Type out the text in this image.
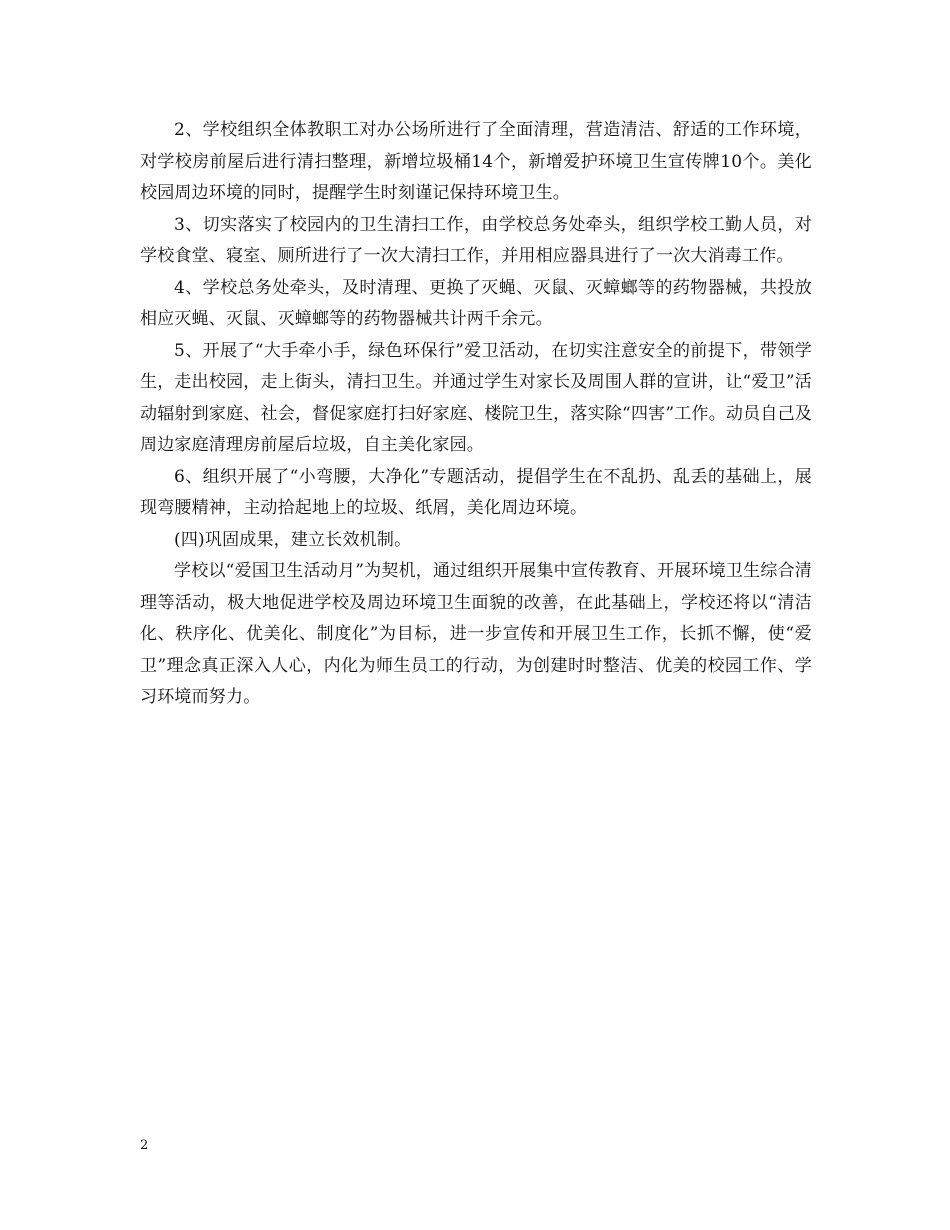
2、学校组织全体教职工对办公场所进行了全面清理，营造清洁、舒适的工作环境，对学校房前屋后进行清扫整理，新增垃圾桶14个，新增爱护环境卫生宣传牌10个。美化校园周边环境的同时，提醒学生时刻谨记保持环境卫生。

3、切实落实了校园内的卫生清扫工作，由学校总务处牵头，组织学校工勤人员，对学校食堂、寝室、厕所进行了一次大清扫工作，并用相应器具进行了一次大消毒工作。

4、学校总务处牵头，及时清理、更换了灭蝇、灭鼠、灭蟑螂等的药物器械，共投放相应灭蝇、灭鼠、灭蟑螂等的药物器械共计两千余元。

5、开展了“大手牵小手，绿色环保行”爱卫活动，在切实注意安全的前提下，带领学生，走出校园，走上街头，清扫卫生。并通过学生对家长及周围人群的宣讲，让“爱卫”活动辐射到家庭、社会，督促家庭打扫好家庭、楼院卫生，落实除“四害”工作。动员自己及周边家庭清理房前屋后垃圾，自主美化家园。

6、组织开展了“小弯腰，大净化”专题活动，提倡学生在不乱扔、乱丢的基础上，展现弯腰精神，主动拾起地上的垃圾、纸屑，美化周边环境。

(四)巩固成果，建立长效机制。

学校以“爱国卫生活动月”为契机，通过组织开展集中宣传教育、开展环境卫生综合清理等活动，极大地促进学校及周边环境卫生面貌的改善，在此基础上，学校还将以“清洁化、秩序化、优美化、制度化”为目标，进一步宣传和开展卫生工作，长抓不懈，使“爱卫”理念真正深入人心，内化为师生员工的行动，为创建时时整洁、优美的校园工作、学习环境而努力。

2
